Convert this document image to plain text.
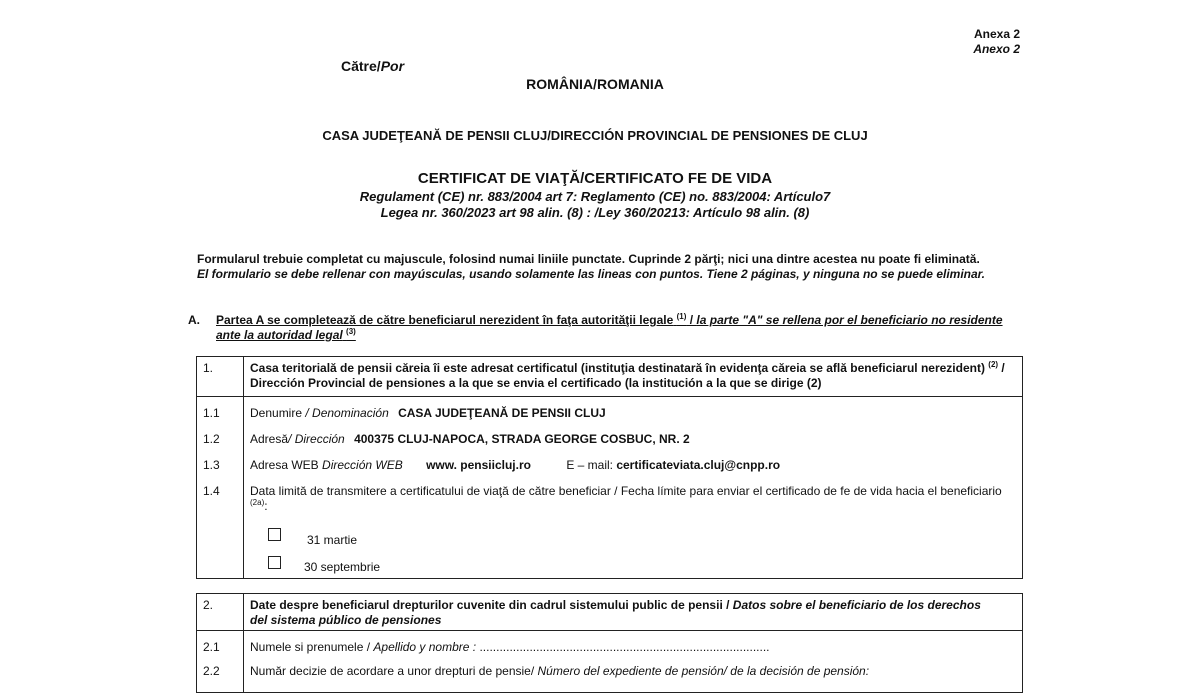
Anexa 2
Anexo 2
Către/Por
ROMÂNIA/ROMANIA
CASA JUDEŢEANĂ DE PENSII CLUJ/DIRECCIÓN PROVINCIAL DE PENSIONES DE CLUJ
CERTIFICAT DE VIAŢĂ/CERTIFICATO FE DE VIDA
Regulament (CE) nr. 883/2004 art 7: Reglamento (CE) no. 883/2004: Artículo7
Legea nr. 360/2023 art 98 alin. (8) : /Ley 360/20213: Artículo 98 alin. (8)
Formularul trebuie completat cu majuscule, folosind numai liniile punctate. Cuprinde 2 părţi; nici una dintre acestea nu poate fi eliminată.
El formulario se debe rellenar con mayúsculas, usando solamente las lineas con puntos. Tiene 2 páginas, y ninguna no se puede eliminar.
A. Partea A se completează de către beneficiarul nerezident în faţa autorităţii legale $^{(1)}$ / la parte "A" se rellena por el beneficiario no residente ante la autoridad legal $^{(3)}$
1.	Casa teritorială de pensii căreia îi este adresat certificatul (instituţia destinatară în evidenţa căreia se află beneficiarul nerezident) $^{(2)}$ / Dirección Provincial de pensiones a la que se envia el certificado (la institución a la que se dirige (2)
1.1	Denumire / Denominación CASA JUDEŢEANĂ DE PENSII CLUJ
1.2	Adresă/ Dirección 400375 CLUJ-NAPOCA, STRADA GEORGE COSBUC, NR. 2
1.3	Adresa WEB Dirección WEB www. pensiicluj.ro	E – mail: certificateviata.cluj@cnpp.ro
1.4	Data limită de transmitere a certificatului de viaţă de către beneficiar / Fecha límite para enviar el certificado de fe de vida hacia el beneficiario $^{(2a)}$:
31 martie
30 septembrie
2.	Date despre beneficiarul drepturilor cuvenite din cadrul sistemului public de pensii / Datos sobre el beneficiario de los derechos del sistema público de pensiones
2.1	Numele si prenumele / Apellido y nombre : .......................................................................................
2.2	Număr decizie de acordare a unor drepturi de pensie/ Número del expediente de pensión/ de la decisión de pensión:
